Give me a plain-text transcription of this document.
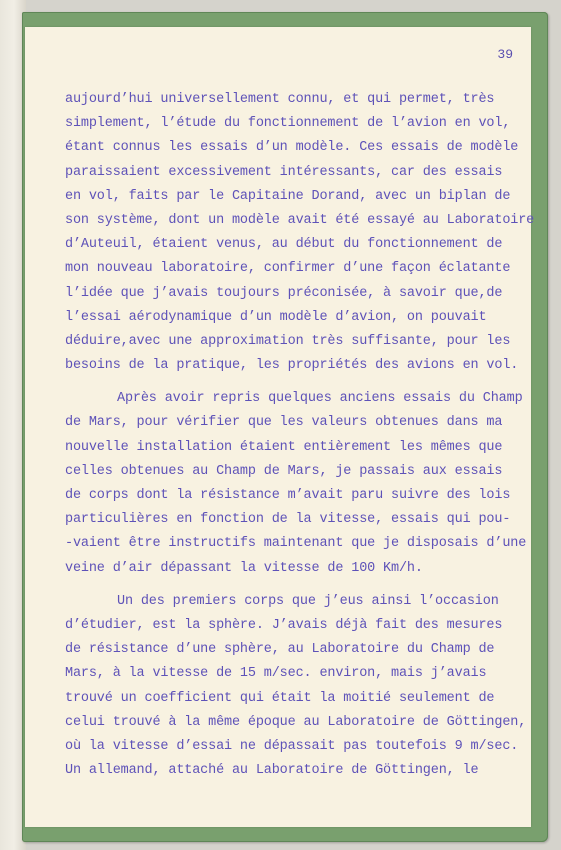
39
aujourd’hui universellement connu, et qui permet, très
simplement, l’étude du fonctionnement de l’avion en vol,
étant connus les essais d’un modèle. Ces essais de modèle
paraissaient excessivement intéressants, car des essais
en vol, faits par le Capitaine Dorand, avec un biplan de
son système, dont un modèle avait été essayé au Laboratoire
d’Auteuil, étaient venus, au début du fonctionnement de
mon nouveau laboratoire, confirmer d’une façon éclatante
l’idée que j’avais toujours préconisée, à savoir que,de
l’essai aérodynamique d’un modèle d’avion, on pouvait
déduire,avec une approximation très suffisante, pour les
besoins de la pratique, les propriétés des avions en vol.
Après avoir repris quelques anciens essais du Champ
de Mars, pour vérifier que les valeurs obtenues dans ma
nouvelle installation étaient entièrement les mêmes que
celles obtenues au Champ de Mars, je passais aux essais
de corps dont la résistance m’avait paru suivre des lois
particulières en fonction de la vitesse, essais qui pou-
-vaient être instructifs maintenant que je disposais d’une
veine d’air dépassant la vitesse de 100 Km/h.
Un des premiers corps que j’eus ainsi l’occasion
d’étudier, est la sphère. J’avais déjà fait des mesures
de résistance d’une sphère, au Laboratoire du Champ de
Mars, à la vitesse de 15 m/sec. environ, mais j’avais
trouvé un coefficient qui était la moitié seulement de
celui trouvé à la même époque au Laboratoire de Göttingen,
où la vitesse d’essai ne dépassait pas toutefois 9 m/sec.
Un allemand, attaché au Laboratoire de Göttingen, le
